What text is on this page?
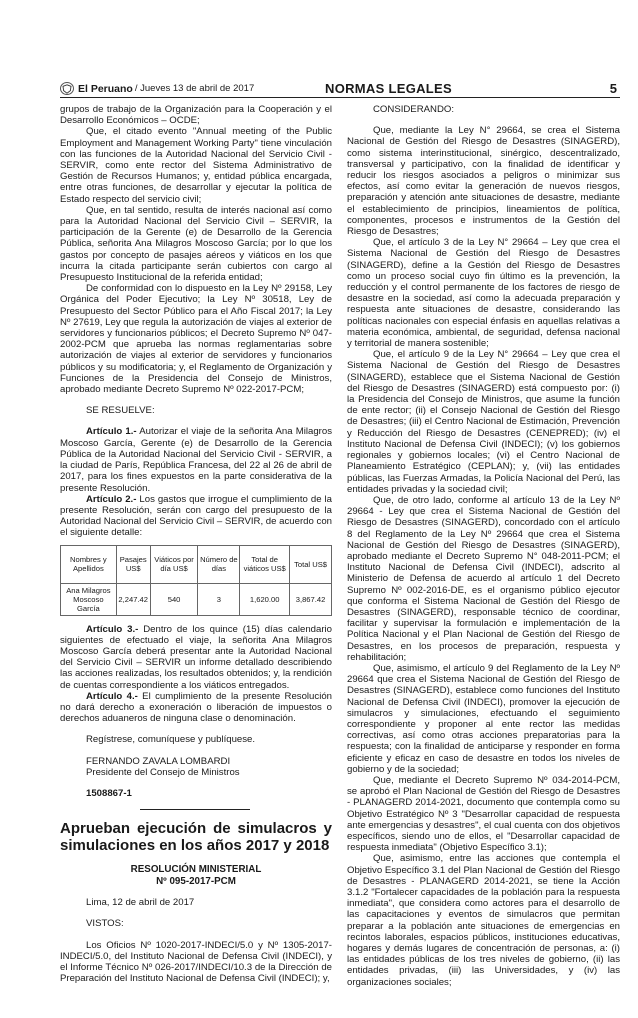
El Peruano / Jueves 13 de abril de 2017	NORMAS LEGALES	5

grupos de trabajo de la Organización para la Cooperación y el Desarrollo Económicos – OCDE;

Que, el citado evento "Annual meeting of the Public Employment and Management Working Party" tiene vinculación con las funciones de la Autoridad Nacional del Servicio Civil - SERVIR, como ente rector del Sistema Administrativo de Gestión de Recursos Humanos; y, entidad pública encargada, entre otras funciones, de desarrollar y ejecutar la política de Estado respecto del servicio civil;

Que, en tal sentido, resulta de interés nacional así como para la Autoridad Nacional del Servicio Civil – SERVIR, la participación de la Gerente (e) de Desarrollo de la Gerencia Pública, señorita Ana Milagros Moscoso García; por lo que los gastos por concepto de pasajes aéreos y viáticos en los que incurra la citada participante serán cubiertos con cargo al Presupuesto Institucional de la referida entidad;

De conformidad con lo dispuesto en la Ley Nº 29158, Ley Orgánica del Poder Ejecutivo; la Ley Nº 30518, Ley de Presupuesto del Sector Público para el Año Fiscal 2017; la Ley Nº 27619, Ley que regula la autorización de viajes al exterior de servidores y funcionarios públicos; el Decreto Supremo Nº 047-2002-PCM que aprueba las normas reglamentarias sobre autorización de viajes al exterior de servidores y funcionarios públicos y su modificatoria; y, el Reglamento de Organización y Funciones de la Presidencia del Consejo de Ministros, aprobado mediante Decreto Supremo Nº 022-2017-PCM;

SE RESUELVE:

Artículo 1.- Autorizar el viaje de la señorita Ana Milagros Moscoso García, Gerente (e) de Desarrollo de la Gerencia Pública de la Autoridad Nacional del Servicio Civil - SERVIR, a la ciudad de París, República Francesa, del 22 al 26 de abril de 2017, para los fines expuestos en la parte considerativa de la presente Resolución.

Artículo 2.- Los gastos que irrogue el cumplimiento de la presente Resolución, serán con cargo del presupuesto de la Autoridad Nacional del Servicio Civil – SERVIR, de acuerdo con el siguiente detalle:

Nombres y Apellidos	Pasajes US$	Viáticos por día US$	Número de días	Total de viáticos US$	Total US$
Ana Milagros Moscoso García	2,247.42	540	3	1,620.00	3,867.42

Artículo 3.- Dentro de los quince (15) días calendario siguientes de efectuado el viaje, la señorita Ana Milagros Moscoso García deberá presentar ante la Autoridad Nacional del Servicio Civil – SERVIR un informe detallado describiendo las acciones realizadas, los resultados obtenidos; y, la rendición de cuentas correspondiente a los viáticos entregados.

Artículo 4.- El cumplimiento de la presente Resolución no dará derecho a exoneración o liberación de impuestos o derechos aduaneros de ninguna clase o denominación.

Regístrese, comuníquese y publíquese.
FERNANDO ZAVALA LOMBARDI
Presidente del Consejo de Ministros
1508867-1
Aprueban ejecución de simulacros y simulaciones en los años 2017 y 2018
RESOLUCIÓN MINISTERIAL
Nº 095-2017-PCM
Lima, 12 de abril de 2017
VISTOS:

Los Oficios Nº 1020-2017-INDECI/5.0 y Nº 1305-2017-INDECI/5.0, del Instituto Nacional de Defensa Civil (INDECI), y el Informe Técnico Nº 026-2017/INDECI/10.3 de la Dirección de Preparación del Instituto Nacional de Defensa Civil (INDECI); y,

CONSIDERANDO:

Que, mediante la Ley N° 29664, se crea el Sistema Nacional de Gestión del Riesgo de Desastres (SINAGERD), como sistema interinstitucional, sinérgico, descentralizado, transversal y participativo, con la finalidad de identificar y reducir los riesgos asociados a peligros o minimizar sus efectos, así como evitar la generación de nuevos riesgos, preparación y atención ante situaciones de desastre, mediante el establecimiento de principios, lineamientos de política, componentes, procesos e instrumentos de la Gestión del Riesgo de Desastres;

Que, el artículo 3 de la Ley N° 29664 – Ley que crea el Sistema Nacional de Gestión del Riesgo de Desastres (SINAGERD), define a la Gestión del Riesgo de Desastres como un proceso social cuyo fin último es la prevención, la reducción y el control permanente de los factores de riesgo de desastre en la sociedad, así como la adecuada preparación y respuesta ante situaciones de desastre, considerando las políticas nacionales con especial énfasis en aquellas relativas a materia económica, ambiental, de seguridad, defensa nacional y territorial de manera sostenible;

Que, el artículo 9 de la Ley N° 29664 – Ley que crea el Sistema Nacional de Gestión del Riesgo de Desastres (SINAGERD), establece que el Sistema Nacional de Gestión del Riesgo de Desastres (SINAGERD) está compuesto por: (i) la Presidencia del Consejo de Ministros, que asume la función de ente rector; (ii) el Consejo Nacional de Gestión del Riesgo de Desastres; (iii) el Centro Nacional de Estimación, Prevención y Reducción del Riesgo de Desastres (CENEPRED); (iv) el Instituto Nacional de Defensa Civil (INDECI); (v) los gobiernos regionales y gobiernos locales; (vi) el Centro Nacional de Planeamiento Estratégico (CEPLAN); y, (vii) las entidades públicas, las Fuerzas Armadas, la Policía Nacional del Perú, las entidades privadas y la sociedad civil;

Que, de otro lado, conforme al artículo 13 de la Ley Nº 29664 - Ley que crea el Sistema Nacional de Gestión del Riesgo de Desastres (SINAGERD), concordado con el artículo 8 del Reglamento de la Ley Nº 29664 que crea el Sistema Nacional de Gestión del Riesgo de Desastres (SINAGERD), aprobado mediante el Decreto Supremo N° 048-2011-PCM; el Instituto Nacional de Defensa Civil (INDECI), adscrito al Ministerio de Defensa de acuerdo al artículo 1 del Decreto Supremo Nº 002-2016-DE, es el organismo público ejecutor que conforma el Sistema Nacional de Gestión del Riesgo de Desastres (SINAGERD), responsable técnico de coordinar, facilitar y supervisar la formulación e implementación de la Política Nacional y el Plan Nacional de Gestión del Riesgo de Desastres, en los procesos de preparación, respuesta y rehabilitación;

Que, asimismo, el artículo 9 del Reglamento de la Ley Nº 29664 que crea el Sistema Nacional de Gestión del Riesgo de Desastres (SINAGERD), establece como funciones del Instituto Nacional de Defensa Civil (INDECI), promover la ejecución de simulacros y simulaciones, efectuando el seguimiento correspondiente y proponer al ente rector las medidas correctivas, así como otras acciones preparatorias para la respuesta; con la finalidad de anticiparse y responder en forma eficiente y eficaz en caso de desastre en todos los niveles de gobierno y de la sociedad;

Que, mediante el Decreto Supremo Nº 034-2014-PCM, se aprobó el Plan Nacional de Gestión del Riesgo de Desastres - PLANAGERD 2014-2021, documento que contempla como su Objetivo Estratégico Nº 3 "Desarrollar capacidad de respuesta ante emergencias y desastres", el cual cuenta con dos objetivos específicos, siendo uno de ellos, el "Desarrollar capacidad de respuesta inmediata" (Objetivo Específico 3.1);

Que, asimismo, entre las acciones que contempla el Objetivo Específico 3.1 del Plan Nacional de Gestión del Riesgo de Desastres - PLANAGERD 2014-2021, se tiene la Acción 3.1.2 "Fortalecer capacidades de la población para la respuesta inmediata", que considera como actores para el desarrollo de las capacitaciones y eventos de simulacros que permitan preparar a la población ante situaciones de emergencias en recintos laborales, espacios públicos, instituciones educativas, hogares y demás lugares de concentración de personas, a: (i) las entidades públicas de los tres niveles de gobierno, (ii) las entidades privadas, (iii) las Universidades, y (iv) las organizaciones sociales;
